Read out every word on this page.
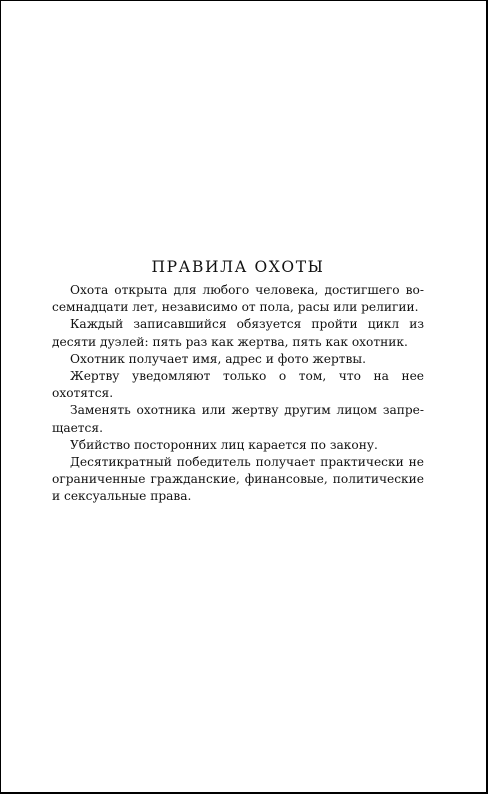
ПРАВИЛА ОХОТЫ

Охота открыта для любого человека, достигшего восемнадцати лет, независимо от пола, расы или религии.

Каждый записавшийся обязуется пройти цикл из десяти дуэлей: пять раз как жертва, пять как охотник.

Охотник получает имя, адрес и фото жертвы.

Жертву уведомляют только о том, что на нее охотятся.

Заменять охотника или жертву другим лицом запрещается.

Убийство посторонних лиц карается по закону.

Десятикратный победитель получает практически не ограниченные гражданские, финансовые, политические и сексуальные права.
